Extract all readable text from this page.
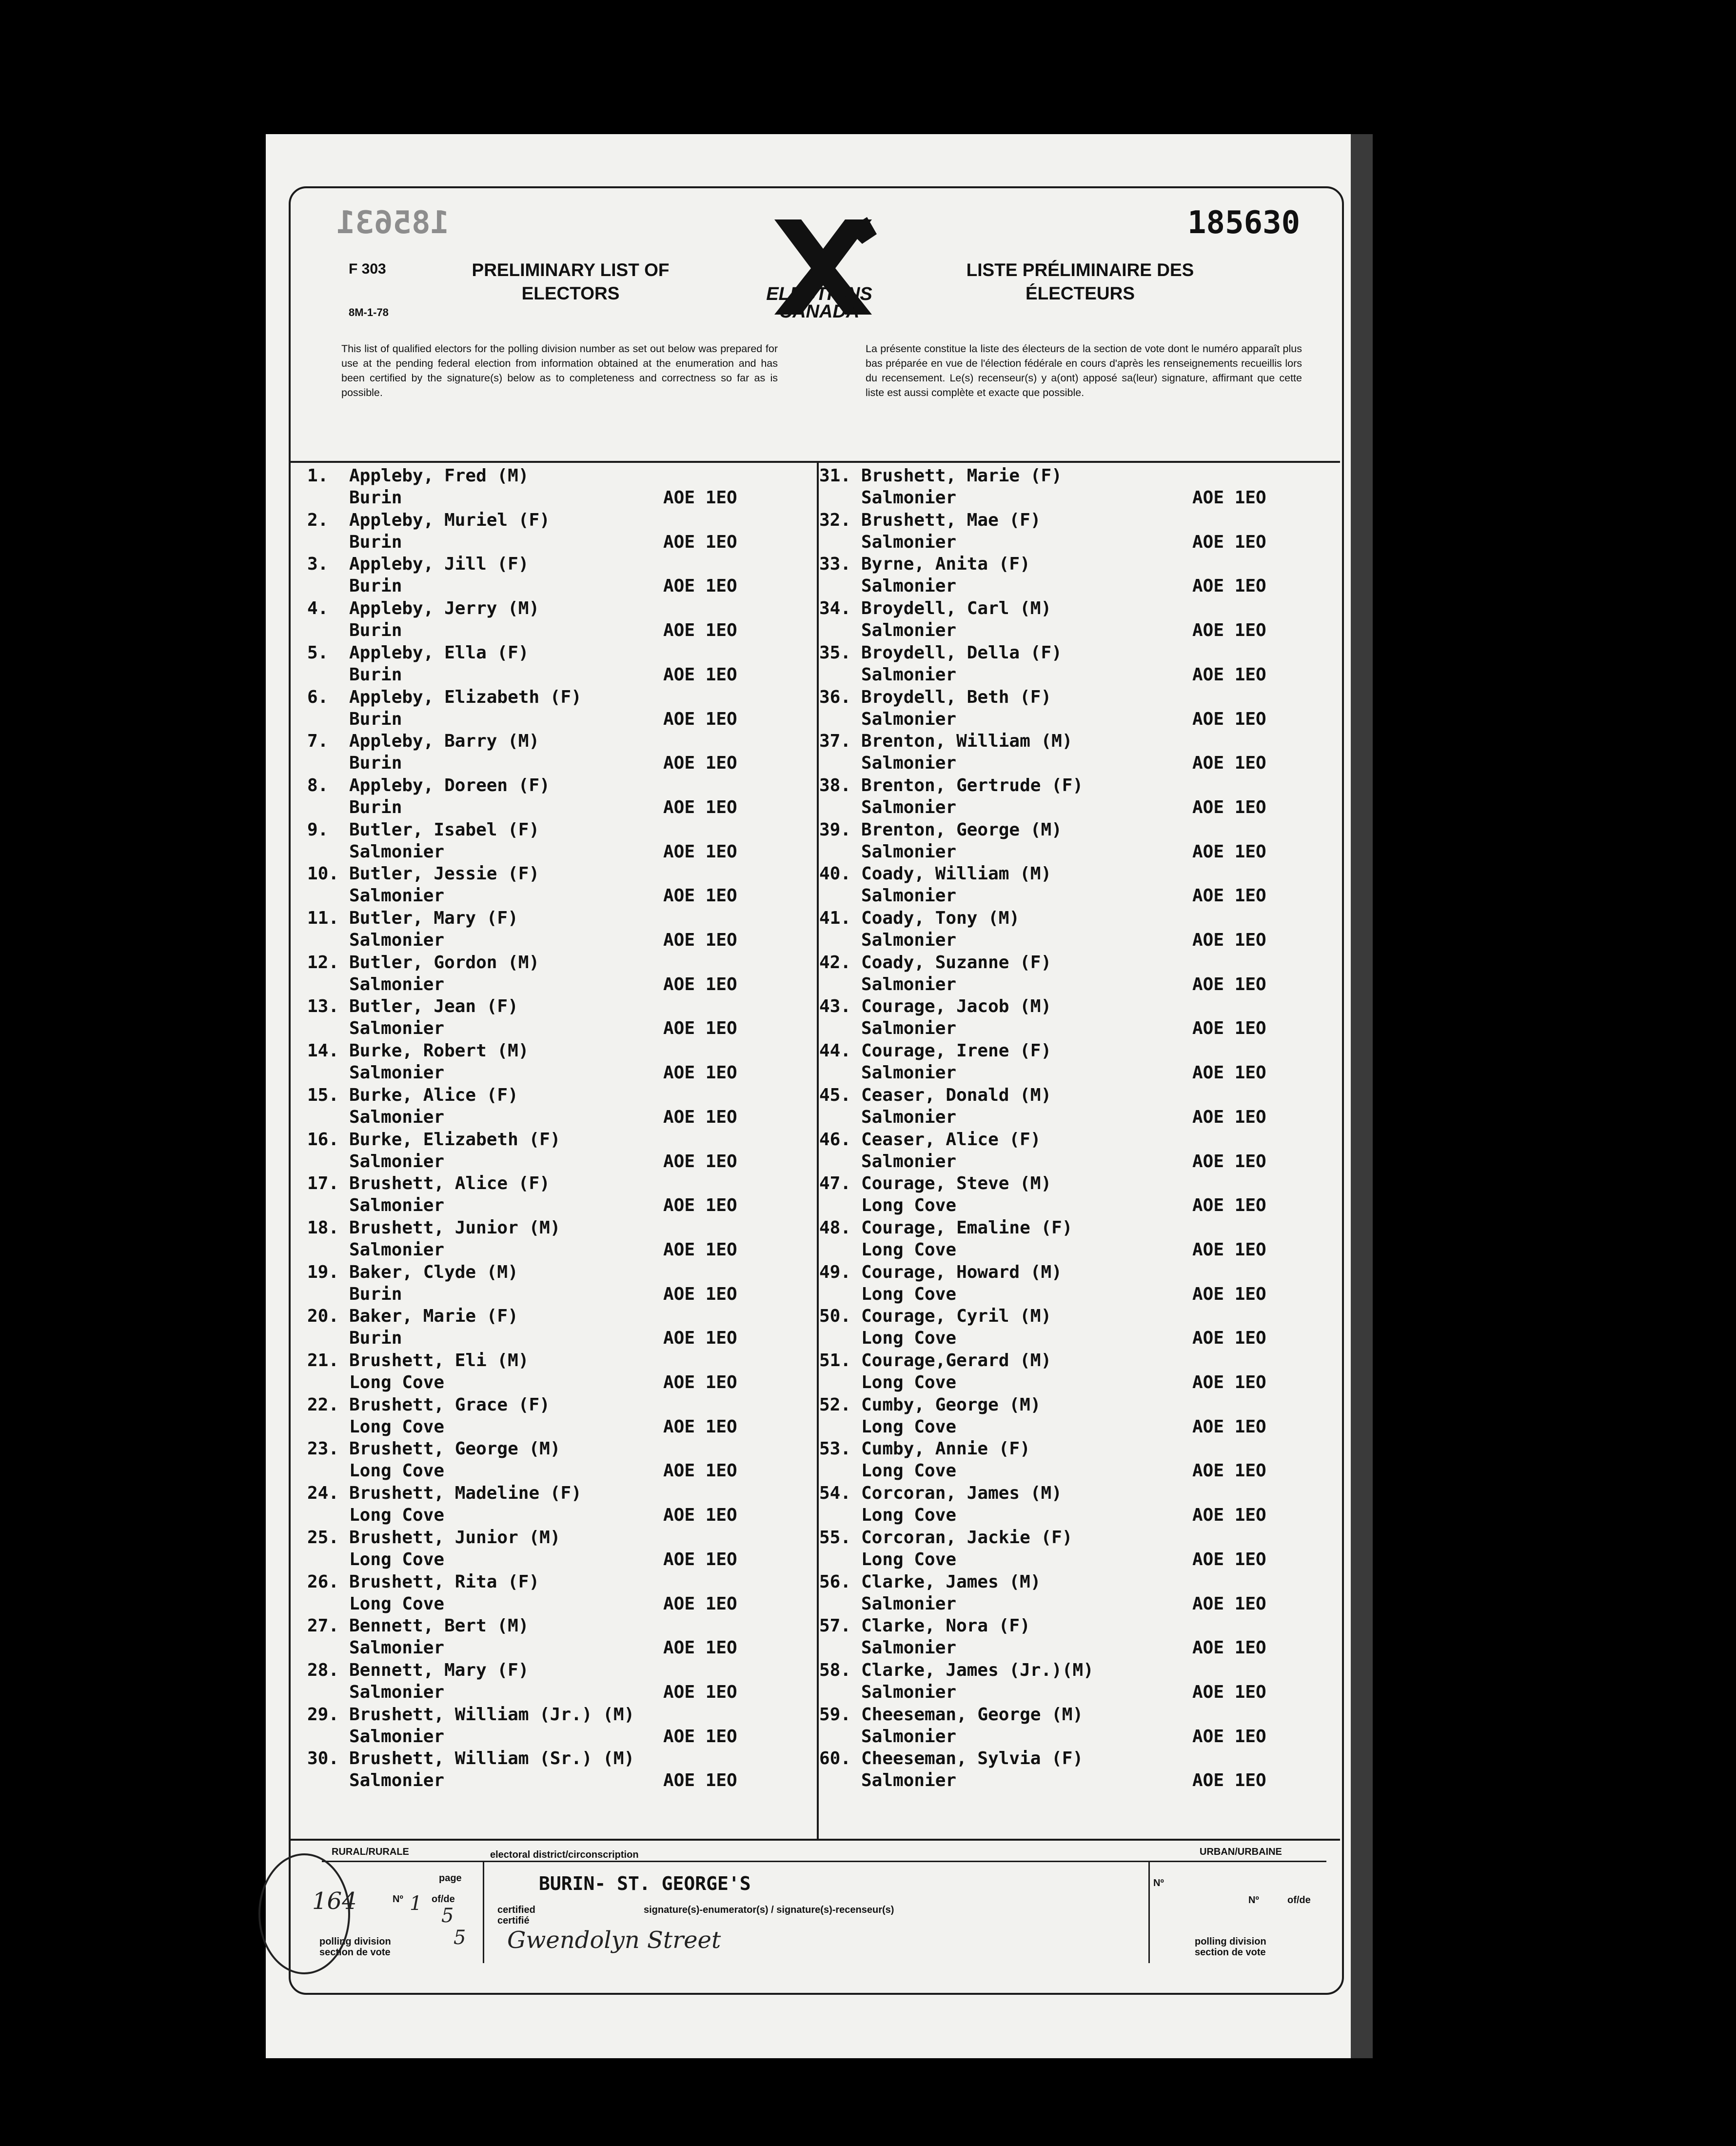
185631	185630
F 303
8M-1-78
PRELIMINARY LIST OF
ELECTORS	ELECTIONS
CANADA
LISTE PRÉLIMINAIRE DES
ÉLECTEURS
This list of qualified electors for the polling division number as set out below was prepared for use at the pending federal election from information obtained at the enumeration and has been certified by the signature(s) below as to completeness and correctness so far as is possible.
La présente constitue la liste des électeurs de la section de vote dont le numéro apparaît plus bas préparée en vue de l'élection fédérale en cours d'après les renseignements recueillis lors du recensement. Le(s) recenseur(s) y a(ont) apposé sa(leur) signature, affirmant que cette liste est aussi complète et exacte que possible.
1. Appleby, Fred (M)
Burin	AOE 1EO
2. Appleby, Muriel (F)
Burin	AOE 1EO
3. Appleby, Jill (F)
Burin	AOE 1EO
4. Appleby, Jerry (M)
Burin	AOE 1EO
5. Appleby, Ella (F)
Burin	AOE 1EO
6. Appleby, Elizabeth (F)
Burin	AOE 1EO
7. Appleby, Barry (M)
Burin	AOE 1EO
8. Appleby, Doreen (F)
Burin	AOE 1EO
9. Butler, Isabel (F)
Salmonier	AOE 1EO
10. Butler, Jessie (F)
Salmonier	AOE 1EO
11. Butler, Mary (F)
Salmonier	AOE 1EO
12. Butler, Gordon (M)
Salmonier	AOE 1EO
13. Butler, Jean (F)
Salmonier	AOE 1EO
14. Burke, Robert (M)
Salmonier	AOE 1EO
15. Burke, Alice (F)
Salmonier	AOE 1EO
16. Burke, Elizabeth (F)
Salmonier	AOE 1EO
17. Brushett, Alice (F)
Salmonier	AOE 1EO
18. Brushett, Junior (M)
Salmonier	AOE 1EO
19. Baker, Clyde (M)
Burin	AOE 1EO
20. Baker, Marie (F)
Burin	AOE 1EO
21. Brushett, Eli (M)
Long Cove	AOE 1EO
22. Brushett, Grace (F)
Long Cove	AOE 1EO
23. Brushett, George (M)
Long Cove	AOE 1EO
24. Brushett, Madeline (F)
Long Cove	AOE 1EO
25. Brushett, Junior (M)
Long Cove	AOE 1EO
26. Brushett, Rita (F)
Long Cove	AOE 1EO
27. Bennett, Bert (M)
Salmonier	AOE 1EO
28. Bennett, Mary (F)
Salmonier	AOE 1EO
29. Brushett, William (Jr.) (M)
Salmonier	AOE 1EO
30. Brushett, William (Sr.) (M)
Salmonier	AOE 1EO
31. Brushett, Marie (F)
Salmonier	AOE 1EO
32. Brushett, Mae (F)
Salmonier	AOE 1EO
33. Byrne, Anita (F)
Salmonier	AOE 1EO
34. Broydell, Carl (M)
Salmonier	AOE 1EO
35. Broydell, Della (F)
Salmonier	AOE 1EO
36. Broydell, Beth (F)
Salmonier	AOE 1EO
37. Brenton, William (M)
Salmonier	AOE 1EO
38. Brenton, Gertrude (F)
Salmonier	AOE 1EO
39. Brenton, George (M)
Salmonier	AOE 1EO
40. Coady, William (M)
Salmonier	AOE 1EO
41. Coady, Tony (M)
Salmonier	AOE 1EO
42. Coady, Suzanne (F)
Salmonier	AOE 1EO
43. Courage, Jacob (M)
Salmonier	AOE 1EO
44. Courage, Irene (F)
Salmonier	AOE 1EO
45. Ceaser, Donald (M)
Salmonier	AOE 1EO
46. Ceaser, Alice (F)
Salmonier	AOE 1EO
47. Courage, Steve (M)
Long Cove	AOE 1EO
48. Courage, Emaline (F)
Long Cove	AOE 1EO
49. Courage, Howard (M)
Long Cove	AOE 1EO
50. Courage, Cyril (M)
Long Cove	AOE 1EO
51. Courage,Gerard (M)
Long Cove	AOE 1EO
52. Cumby, George (M)
Long Cove	AOE 1EO
53. Cumby, Annie (F)
Long Cove	AOE 1EO
54. Corcoran, James (M)
Long Cove	AOE 1EO
55. Corcoran, Jackie (F)
Long Cove	AOE 1EO
56. Clarke, James (M)
Salmonier	AOE 1EO
57. Clarke, Nora (F)
Salmonier	AOE 1EO
58. Clarke, James (Jr.)(M)
Salmonier	AOE 1EO
59. Cheeseman, George (M)
Salmonier	AOE 1EO
60. Cheeseman, Sylvia (F)
Salmonier	AOE 1EO
RURAL/RURALE
page
Nº	of/de
164	1
5
polling division
section de vote
5
electoral district/circonscription
BURIN- ST. GEORGE'S
certified
certifié
signature(s)-enumerator(s) / signature(s)-recenseur(s)
Gwendolyn Street
URBAN/URBAINE
Nº
Nº	of/de
polling division
section de vote
